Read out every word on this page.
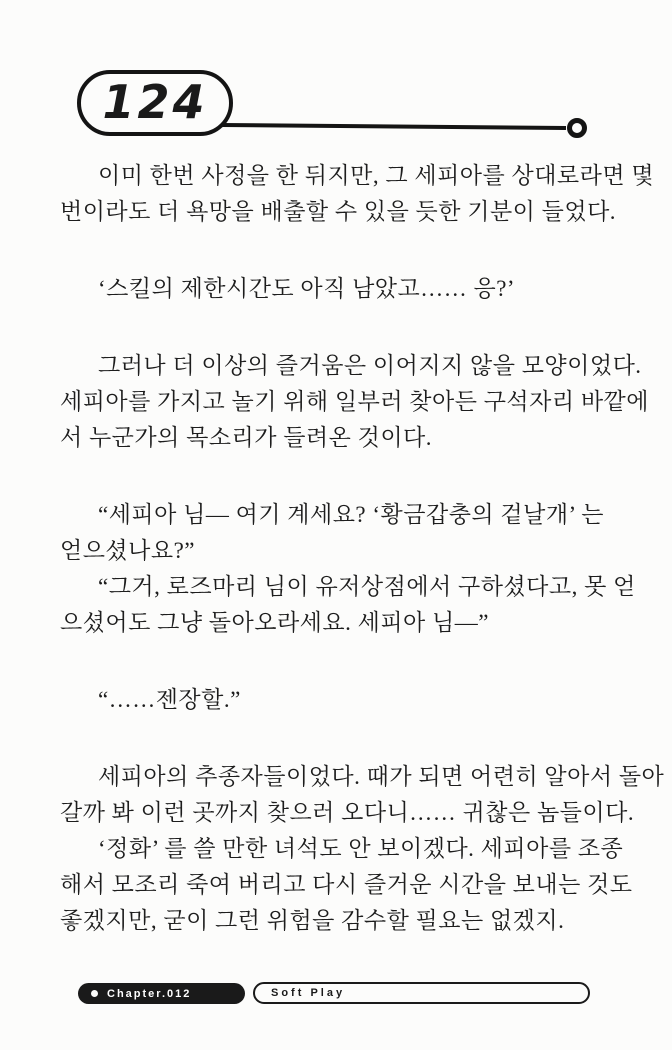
124
이미 한번 사정을 한 뒤지만, 그 세피아를 상대로라면 몇
번이라도 더 욕망을 배출할 수 있을 듯한 기분이 들었다.
‘스킬의 제한시간도 아직 남았고…… 응?’
그러나 더 이상의 즐거움은 이어지지 않을 모양이었다.
세피아를 가지고 놀기 위해 일부러 찾아든 구석자리 바깥에
서 누군가의 목소리가 들려온 것이다.
“세피아 님― 여기 계세요? ‘황금갑충의 겉날개’ 는
얻으셨나요?”
“그거, 로즈마리 님이 유저상점에서 구하셨다고, 못 얻
으셨어도 그냥 돌아오라세요. 세피아 님―”
“……젠장할.”
세피아의 추종자들이었다. 때가 되면 어련히 알아서 돌아
갈까 봐 이런 곳까지 찾으러 오다니…… 귀찮은 놈들이다.
‘정화’ 를 쓸 만한 녀석도 안 보이겠다. 세피아를 조종
해서 모조리 죽여 버리고 다시 즐거운 시간을 보내는 것도
좋겠지만, 굳이 그런 위험을 감수할 필요는 없겠지.
Chapter.012	Soft Play
